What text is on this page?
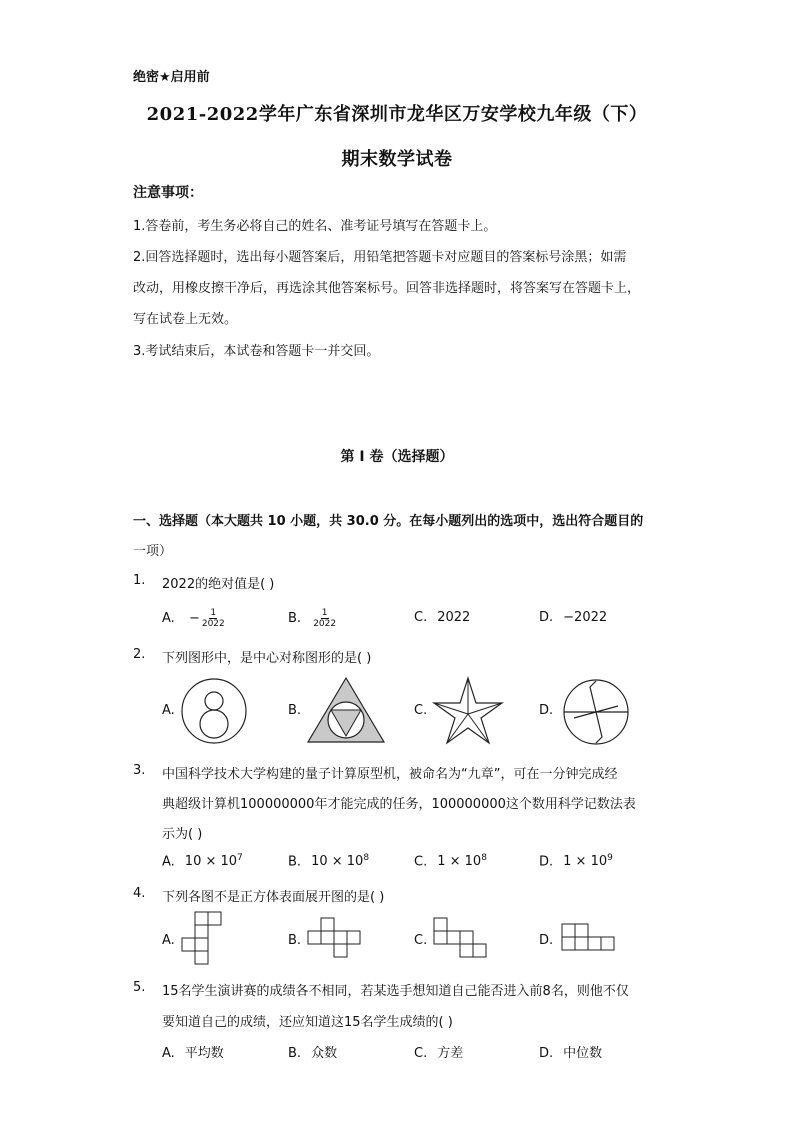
绝密★启用前
2021-2022学年广东省深圳市龙华区万安学校九年级（下）
期末数学试卷
注意事项：
1.答卷前，考生务必将自己的姓名、准考证号填写在答题卡上。
2.回答选择题时，选出每小题答案后，用铅笔把答题卡对应题目的答案标号涂黑；如需
改动，用橡皮擦干净后，再选涂其他答案标号。回答非选择题时，将答案写在答题卡上，
写在试卷上无效。
3.考试结束后，本试卷和答题卡一并交回。
第 I 卷（选择题）
一、选择题（本大题共 10 小题，共 30.0 分。在每小题列出的选项中，选出符合题目的
一项）
1. 2022的绝对值是( )
A. − $\frac{1}{2022}$	B. $\frac{1}{2022}$	C. 2022	D. −2022
2. 下列图形中，是中心对称图形的是( )
A.	B.	C.	D.
3. 中国科学技术大学构建的量子计算原型机，被命名为“九章”，可在一分钟完成经
典超级计算机100000000年才能完成的任务，100000000这个数用科学记数法表
示为( )
A. $10 \times 10^7$	B. $10 \times 10^8$	C. $1 \times 10^8$	D. $1 \times 10^9$
4. 下列各图不是正方体表面展开图的是( )
A.	B.	C.	D.
5. 15名学生演讲赛的成绩各不相同，若某选手想知道自己能否进入前8名，则他不仅
要知道自己的成绩，还应知道这15名学生成绩的( )
A. 平均数	B. 众数	C. 方差	D. 中位数
